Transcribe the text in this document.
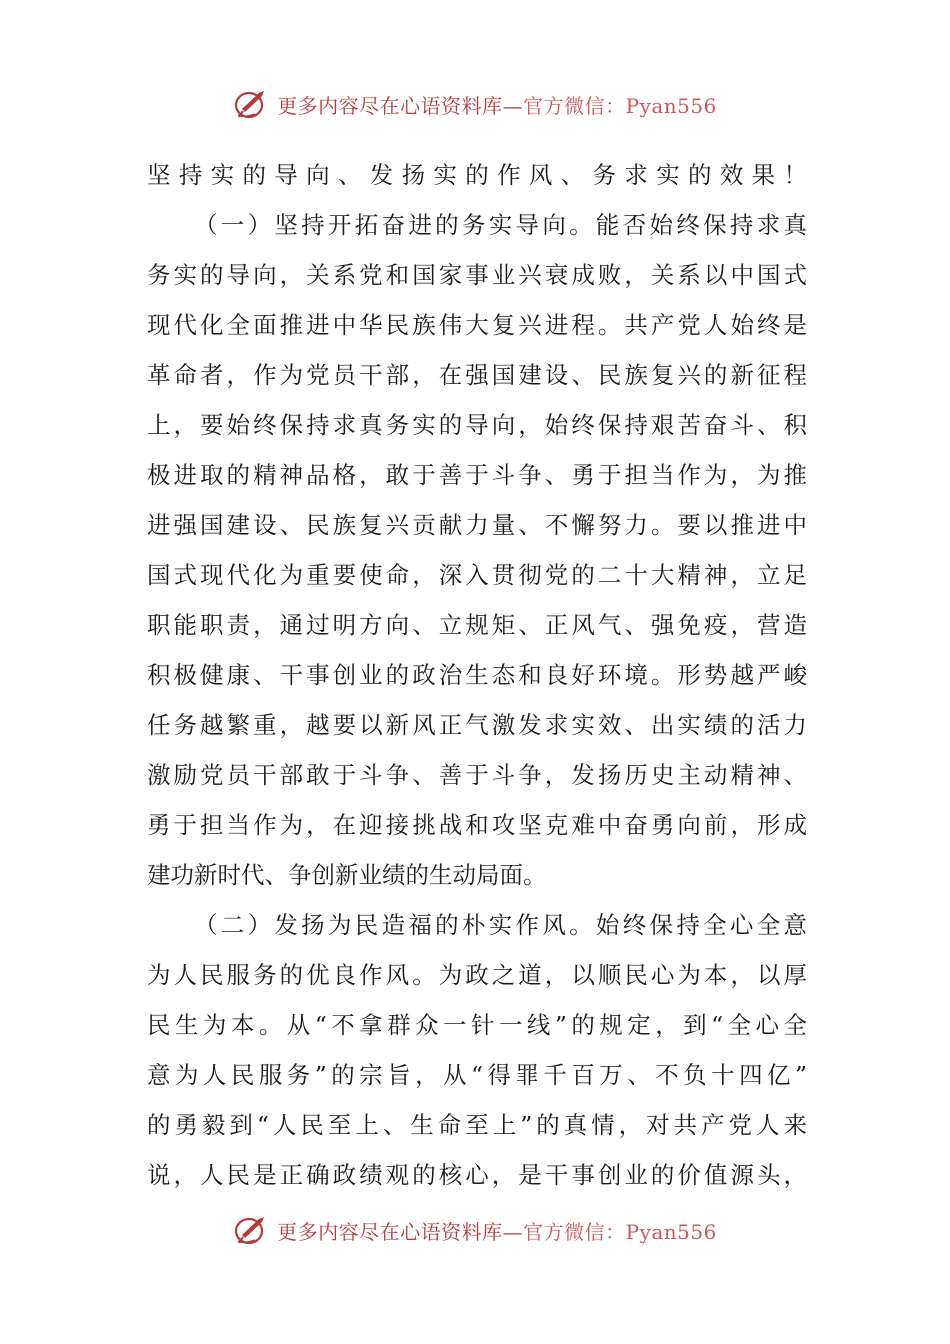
更多内容尽在心语资料库—官方微信：Pyan556
坚持实的导向、发扬实的作风、务求实的效果！
（一）坚持开拓奋进的务实导向。能否始终保持求真
务实的导向，关系党和国家事业兴衰成败，关系以中国式
现代化全面推进中华民族伟大复兴进程。共产党人始终是
革命者，作为党员干部，在强国建设、民族复兴的新征程
上，要始终保持求真务实的导向，始终保持艰苦奋斗、积
极进取的精神品格，敢于善于斗争、勇于担当作为，为推
进强国建设、民族复兴贡献力量、不懈努力。要以推进中
国式现代化为重要使命，深入贯彻党的二十大精神，立足
职能职责，通过明方向、立规矩、正风气、强免疫，营造
积极健康、干事创业的政治生态和良好环境。形势越严峻
任务越繁重，越要以新风正气激发求实效、出实绩的活力
激励党员干部敢于斗争、善于斗争，发扬历史主动精神、
勇于担当作为，在迎接挑战和攻坚克难中奋勇向前，形成
建功新时代、争创新业绩的生动局面。
（二）发扬为民造福的朴实作风。始终保持全心全意
为人民服务的优良作风。为政之道，以顺民心为本，以厚
民生为本。从“不拿群众一针一线”的规定，到“全心全
意为人民服务”的宗旨，从“得罪千百万、不负十四亿”
的勇毅到“人民至上、生命至上”的真情，对共产党人来
说，人民是正确政绩观的核心，是干事创业的价值源头，
更多内容尽在心语资料库—官方微信：Pyan556
